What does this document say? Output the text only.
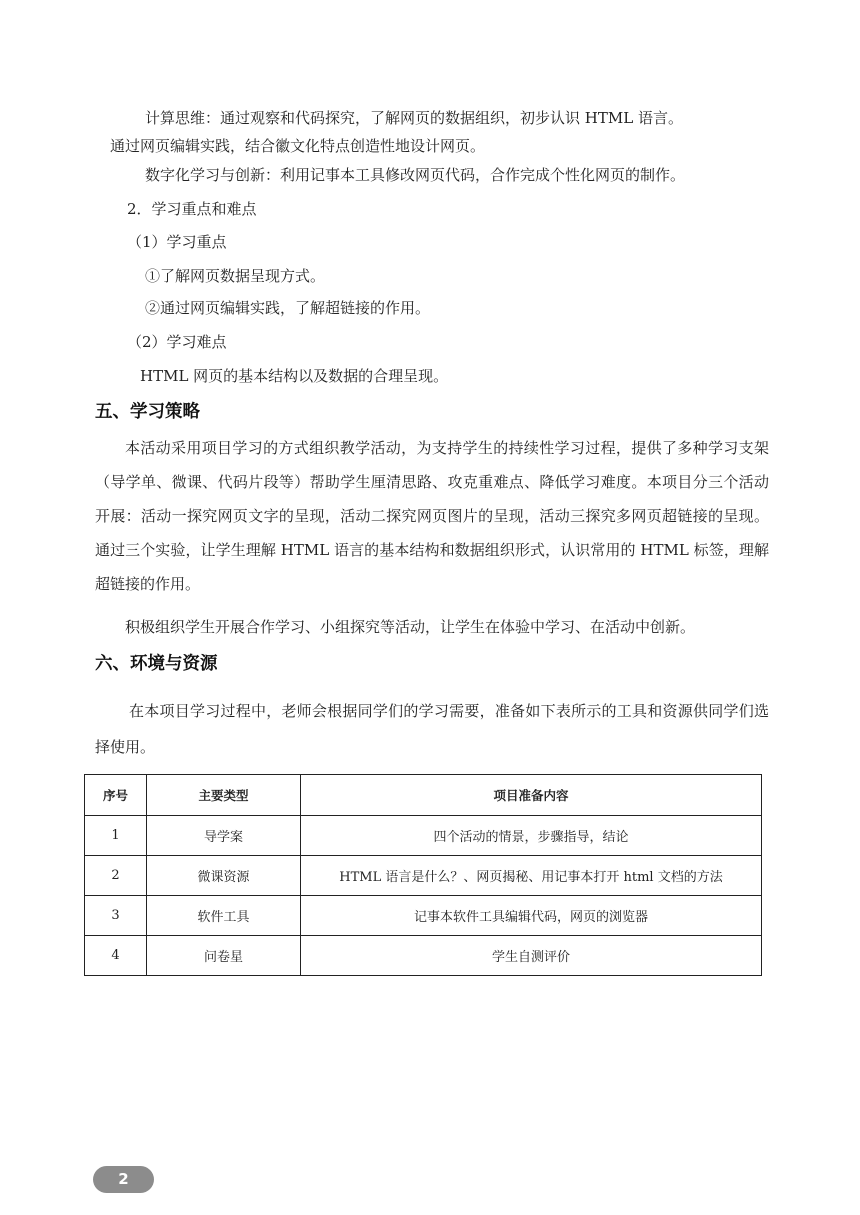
计算思维：通过观察和代码探究，了解网页的数据组织，初步认识 HTML 语言。
通过网页编辑实践，结合徽文化特点创造性地设计网页。
数字化学习与创新：利用记事本工具修改网页代码，合作完成个性化网页的制作。
2．学习重点和难点
（1）学习重点
①了解网页数据呈现方式。
②通过网页编辑实践，了解超链接的作用。
（2）学习难点
HTML 网页的基本结构以及数据的合理呈现。
五、学习策略
本活动采用项目学习的方式组织教学活动，为支持学生的持续性学习过程，提供了多种学习支架（导学单、微课、代码片段等）帮助学生厘清思路、攻克重难点、降低学习难度。本项目分三个活动开展：活动一探究网页文字的呈现，活动二探究网页图片的呈现，活动三探究多网页超链接的呈现。通过三个实验，让学生理解 HTML 语言的基本结构和数据组织形式，认识常用的 HTML 标签，理解超链接的作用。
积极组织学生开展合作学习、小组探究等活动，让学生在体验中学习、在活动中创新。
六、环境与资源
在本项目学习过程中，老师会根据同学们的学习需要，准备如下表所示的工具和资源供同学们选择使用。
序号	主要类型	项目准备内容
1	导学案	四个活动的情景，步骤指导，结论
2	微课资源	HTML 语言是什么？、网页揭秘、用记事本打开 html 文档的方法
3	软件工具	记事本软件工具编辑代码，网页的浏览器
4	问卷星	学生自测评价
2
